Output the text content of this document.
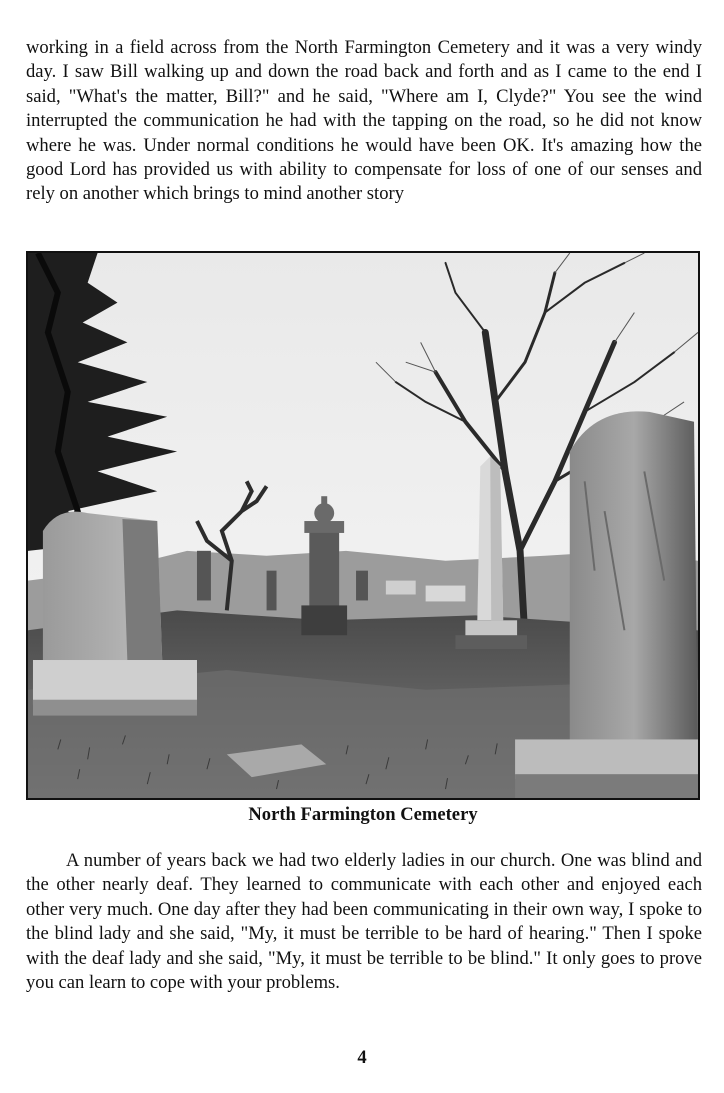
working in a field across from the North Farmington Cemetery and it was a very windy day. I saw Bill walking up and down the road back and forth and as I came to the end I said, "What's the matter, Bill?" and he said, "Where am I, Clyde?" You see the wind interrupted the communication he had with the tapping on the road, so he did not know where he was. Under normal conditions he would have been OK. It's amazing how the good Lord has provided us with ability to compensate for loss of one of our senses and rely on another which brings to mind another story

North Farmington Cemetery

A number of years back we had two elderly ladies in our church. One was blind and the other nearly deaf. They learned to communicate with each other and enjoyed each other very much. One day after they had been communicating in their own way, I spoke to the blind lady and she said, "My, it must be terrible to be hard of hearing." Then I spoke with the deaf lady and she said, "My, it must be terrible to be blind." It only goes to prove you can learn to cope with your problems.

4
